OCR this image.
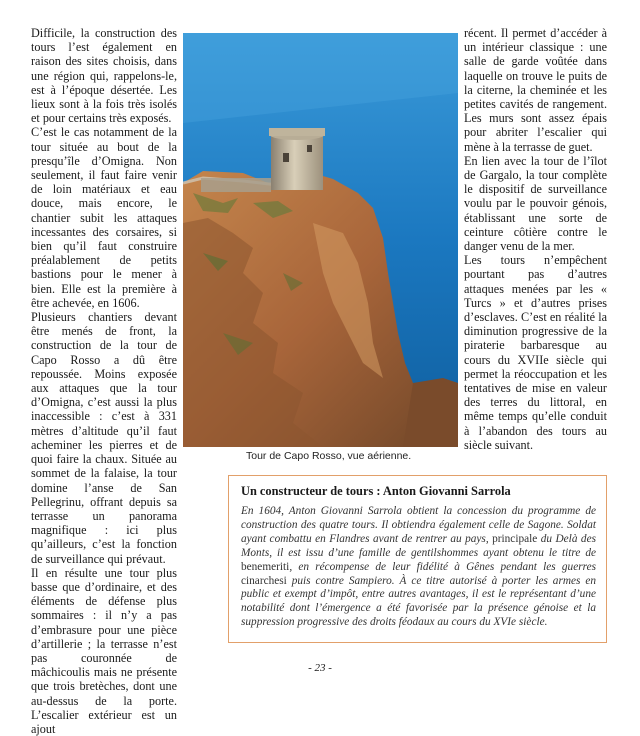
Difficile, la construction des tours l’est également en raison des sites choisis, dans une région qui, rappelons-le, est à l’époque désertée. Les lieux sont à la fois très isolés et pour certains très exposés.

C’est le cas notamment de la tour située au bout de la presqu’île d’Omigna. Non seulement, il faut faire venir de loin matériaux et eau douce, mais encore, le chantier subit les attaques incessantes des corsaires, si bien qu’il faut construire préalablement de petits bastions pour le mener à bien. Elle est la première à être achevée, en 1606.

Plusieurs chantiers devant être menés de front, la construction de la tour de Capo Rosso a dû être repoussée. Moins exposée aux attaques que la tour d’Omigna, c’est aussi la plus inaccessible : c’est à 331 mètres d’altitude qu’il faut acheminer les pierres et de quoi faire la chaux. Située au sommet de la falaise, la tour domine l’anse de San Pellegrinu, offrant depuis sa terrasse un panorama magnifique : ici plus qu’ailleurs, c’est la fonction de surveillance qui prévaut.

Il en résulte une tour plus basse que d’ordinaire, et des éléments de défense plus sommaires : il n’y a pas d’embrasure pour une pièce d’artillerie ; la terrasse n’est pas couronnée de mâchicoulis mais ne présente que trois bretèches, dont une au-dessus de la porte. L’escalier extérieur est un ajout

Tour de Capo Rosso, vue aérienne.

récent. Il permet d’accéder à un intérieur classique : une salle de garde voûtée dans laquelle on trouve le puits de la citerne, la cheminée et les petites cavités de rangement. Les murs sont assez épais pour abriter l’escalier qui mène à la terrasse de guet.

En lien avec la tour de l’îlot de Gargalo, la tour complète le dispositif de surveillance voulu par le pouvoir génois, établissant une sorte de ceinture côtière contre le danger venu de la mer.

Les tours n’empêchent pourtant pas d’autres attaques menées par les « Turcs » et d’autres prises d’esclaves. C’est en réalité la diminution progressive de la piraterie barbaresque au cours du XVIIe siècle qui permet la réoccupation et les tentatives de mise en valeur des terres du littoral, en même temps qu’elle conduit à l’abandon des tours au siècle suivant.

Un constructeur de tours : Anton Giovanni Sarrola

En 1604, Anton Giovanni Sarrola obtient la concession du programme de construction des quatre tours. Il obtiendra également celle de Sagone. Soldat ayant combattu en Flandres avant de rentrer au pays, principale du Delà des Monts, il est issu d’une famille de gentilshommes ayant obtenu le titre de benemeriti, en récompense de leur fidélité à Gênes pendant les guerres cinarchesi puis contre Sampiero. À ce titre autorisé à porter les armes en public et exempt d’impôt, entre autres avantages, il est le représentant d’une notabilité dont l’émergence a été favorisée par la présence génoise et la suppression progressive des droits féodaux au cours du XVIe siècle.

- 23 -
